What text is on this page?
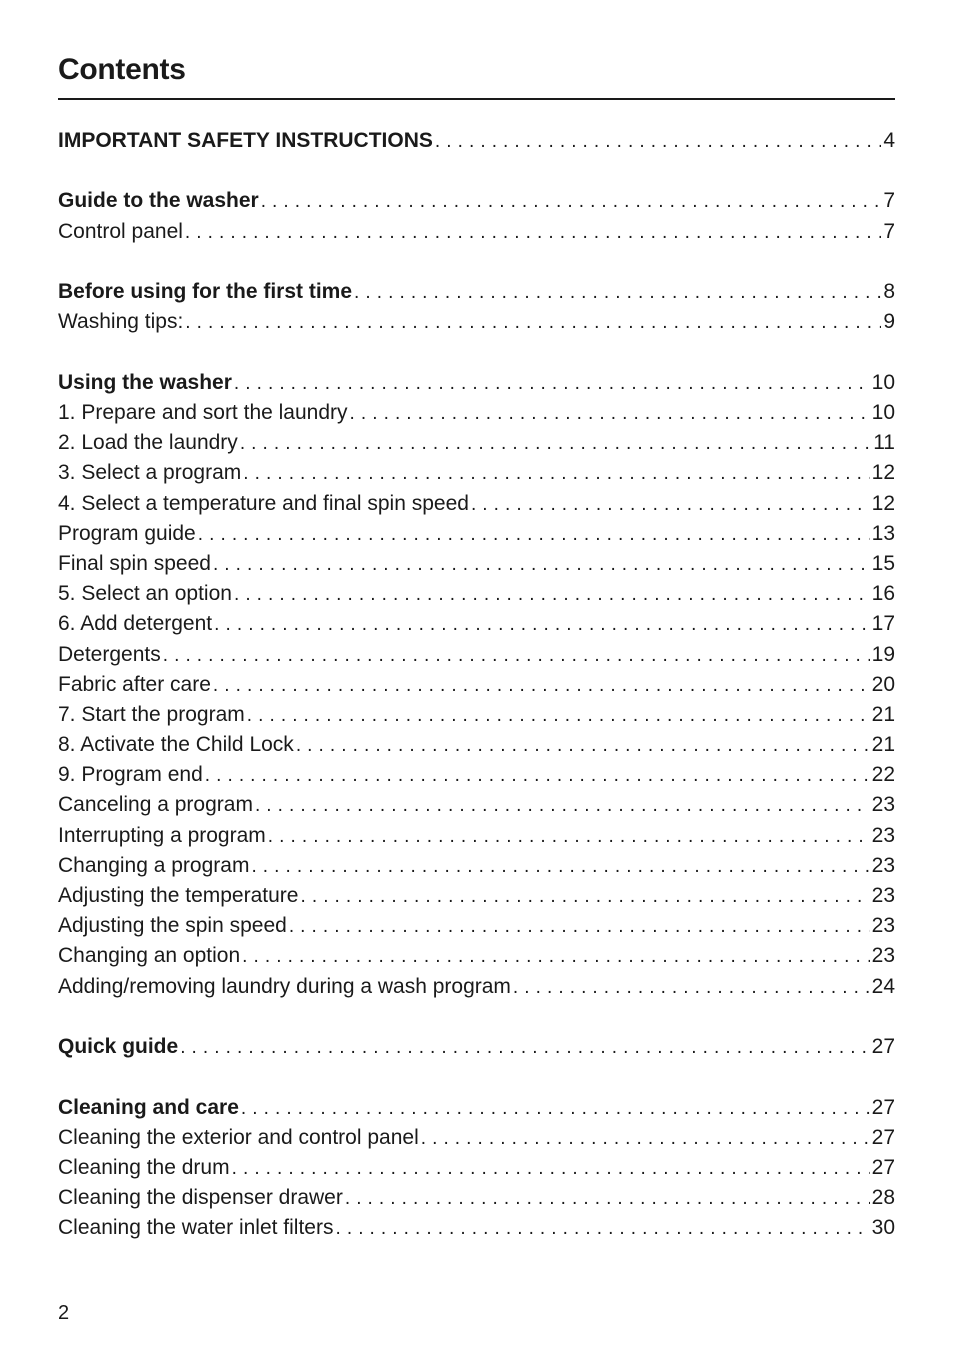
Contents
IMPORTANT SAFETY INSTRUCTIONS . . .	4
Guide to the washer . . .	7
Control panel . . .	7
Before using for the first time . . .	8
Washing tips: . . .	9
Using the washer . . .	10
1. Prepare and sort the laundry . . .	10
2. Load the laundry . . .	11
3. Select a program . . .	12
4. Select a temperature and final spin speed . . .	12
Program guide . . .	13
Final spin speed . . .	15
5. Select an option . . .	16
6. Add detergent . . .	17
Detergents . . .	19
Fabric after care . . .	20
7. Start the program . . .	21
8. Activate the Child Lock . . .	21
9. Program end . . .	22
Canceling a program . . .	23
Interrupting a program . . .	23
Changing a program . . .	23
Adjusting the temperature . . .	23
Adjusting the spin speed . . .	23
Changing an option . . .	23
Adding/removing laundry during a wash program . . .	24
Quick guide . . .	27
Cleaning and care . . .	27
Cleaning the exterior and control panel . . .	27
Cleaning the drum . . .	27
Cleaning the dispenser drawer . . .	28
Cleaning the water inlet filters . . .	30
2
